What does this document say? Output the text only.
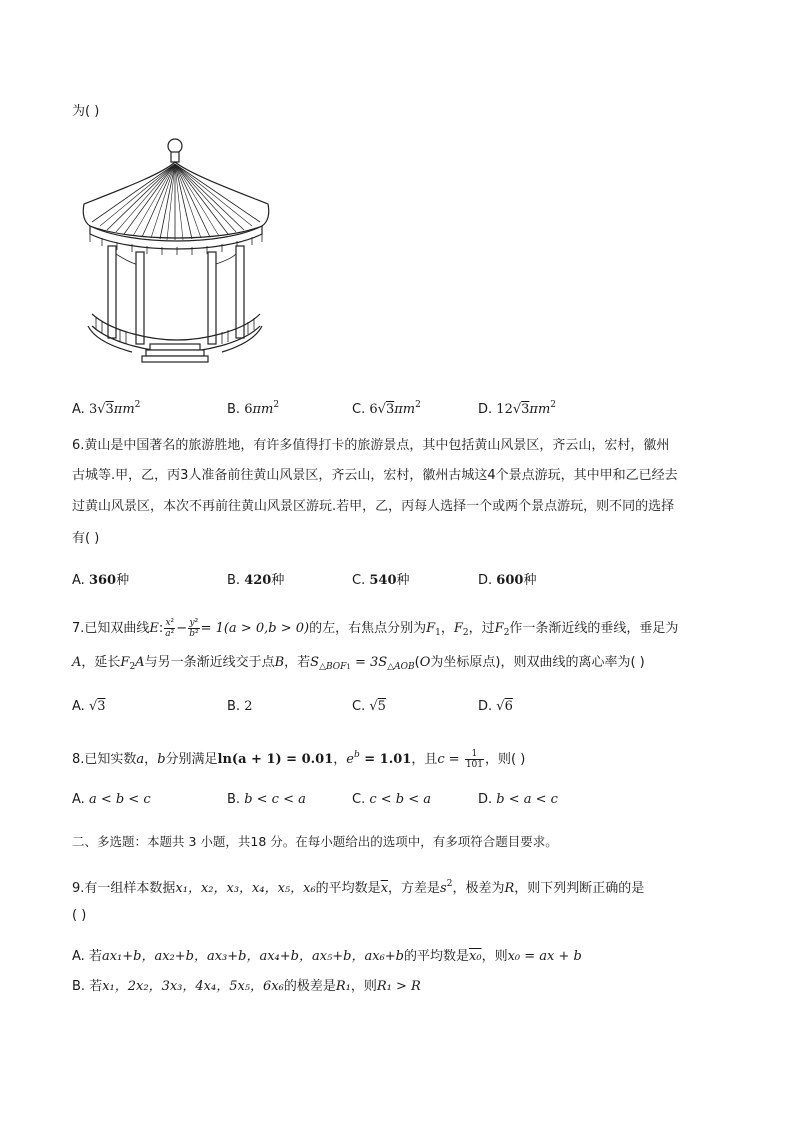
为( )
A. $3√3\pi m^2$	B. $6\pi m^2$	C. $6√3\pi m^2$	D. $12√3\pi m^2$
6.黄山是中国著名的旅游胜地，有许多值得打卡的旅游景点，其中包括黄山风景区，齐云山，宏村，徽州
古城等.甲，乙，丙3人准备前往黄山风景区，齐云山，宏村，徽州古城这4个景点游玩，其中甲和乙已经去
过黄山风景区，本次不再前往黄山风景区游玩.若甲，乙，丙每人选择一个或两个景点游玩，则不同的选择
有( )
A. 360种	B. 420种	C. 540种	D. 600种
7.已知双曲线E: $\frac{\text{x²}}{\text{a²}} - \frac{\text{y²}}{\text{b²}} = 1(a > 0,b > 0)$的左，右焦点分别为$F_1$，$F_2$，过$F_2$作一条渐近线的垂线，垂足为
A，延长$F_2A$与另一条渐近线交于点B，若$S_{\triangle BOF1} = 3S_{\triangle AOB}(O$为坐标原点)，则双曲线的离心率为( )
A. √3	B. 2	C. √5	D. √6
8.已知实数a，b分别满足ln(a + 1) = 0.01，$e^b = 1.01$，且$c = \frac{1}{101}$ ，则( )
A. a < b < c	B. b < c < a	C. c < b < a	D. b < a < c
二、多选题：本题共 3 小题，共18 分。在每小题给出的选项中，有多项符合题目要求。
9.有一组样本数据x₁，x₂，x₃，x₄，x₅，x₆的平均数是$\overline{x}$，方差是$s^2$，极差为R，则下列判断正确的是
( )
A. 若ax₁+b，ax₂+b，ax₃+b，ax₄+b，ax₅+b，ax₆+b的平均数是x₀，则x₀ = ax + b
B. 若x₁，2x₂，3x₃，4x₄，5x₅，6x₆的极差是R₁，则R₁ > R
